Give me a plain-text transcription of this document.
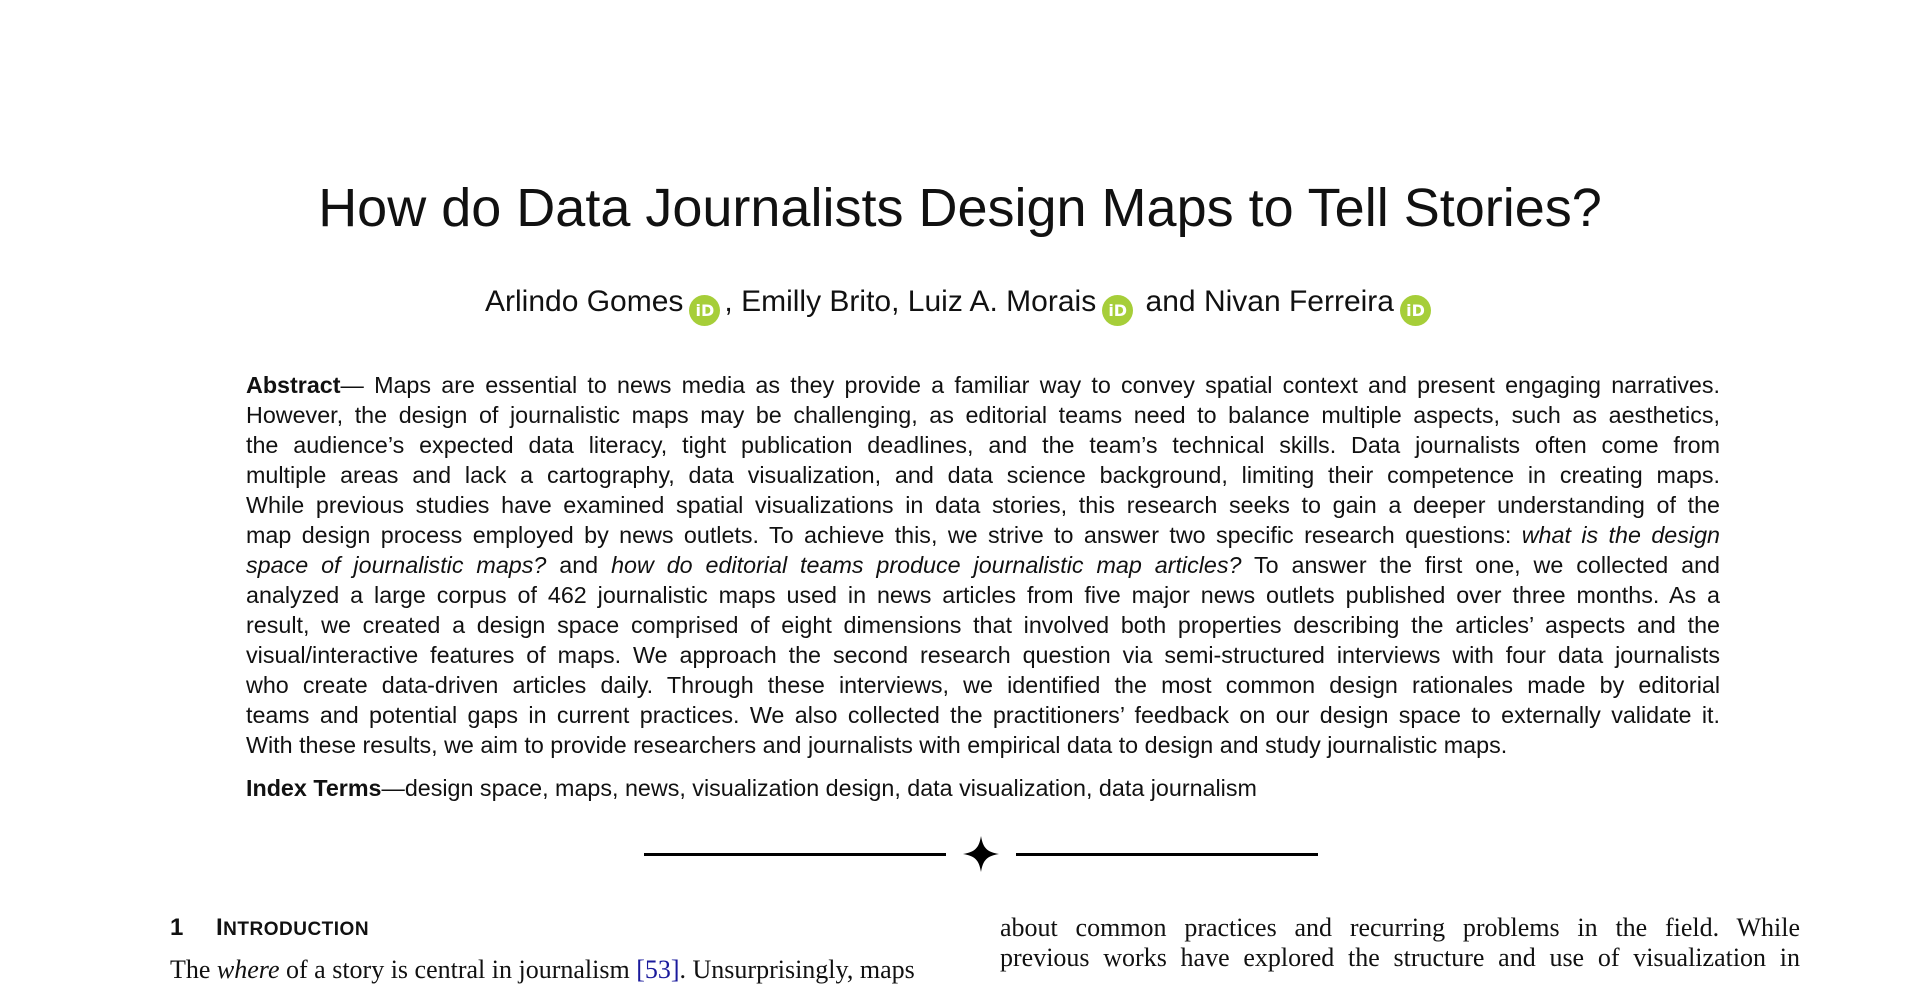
How do Data Journalists Design Maps to Tell Stories?
Arlindo Gomes iD , Emilly Brito, Luiz A. Morais iD and Nivan Ferreira iD
Abstract— Maps are essential to news media as they provide a familiar way to convey spatial context and present engaging narratives.
However, the design of journalistic maps may be challenging, as editorial teams need to balance multiple aspects, such as aesthetics,
the audience’s expected data literacy, tight publication deadlines, and the team’s technical skills. Data journalists often come from
multiple areas and lack a cartography, data visualization, and data science background, limiting their competence in creating maps.
While previous studies have examined spatial visualizations in data stories, this research seeks to gain a deeper understanding of the
map design process employed by news outlets. To achieve this, we strive to answer two specific research questions: what is the design
space of journalistic maps? and how do editorial teams produce journalistic map articles? To answer the first one, we collected and
analyzed a large corpus of 462 journalistic maps used in news articles from five major news outlets published over three months. As a
result, we created a design space comprised of eight dimensions that involved both properties describing the articles’ aspects and the
visual/interactive features of maps. We approach the second research question via semi-structured interviews with four data journalists
who create data-driven articles daily. Through these interviews, we identified the most common design rationales made by editorial
teams and potential gaps in current practices. We also collected the practitioners’ feedback on our design space to externally validate it.
With these results, we aim to provide researchers and journalists with empirical data to design and study journalistic maps.
Index Terms—design space, maps, news, visualization design, data visualization, data journalism
1 INTRODUCTION
The where of a story is central in journalism [53]. Unsurprisingly, maps
about common practices and recurring problems in the field. While
previous works have explored the structure and use of visualization in
